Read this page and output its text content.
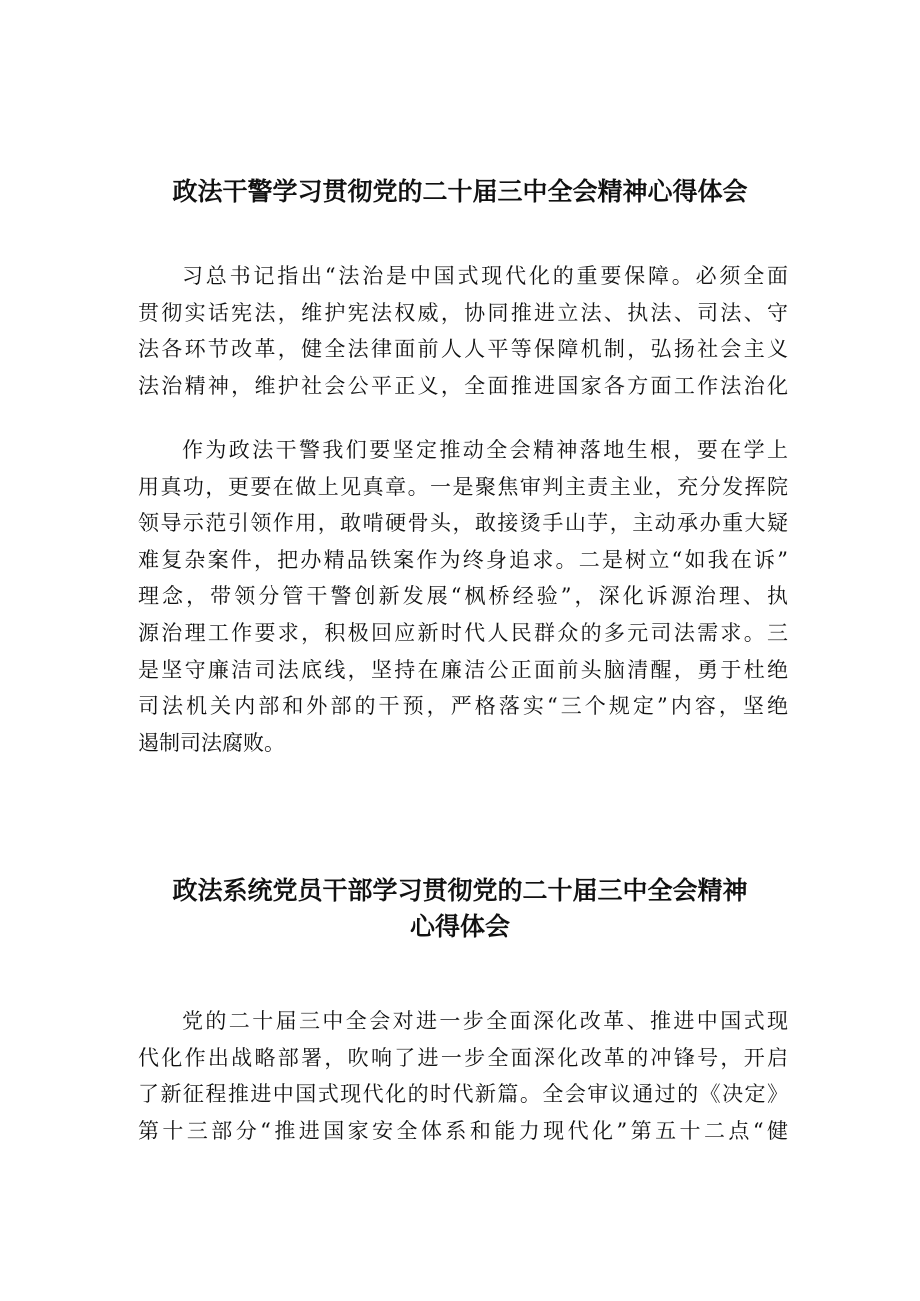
政法干警学习贯彻党的二十届三中全会精神心得体会
习总书记指出“法治是中国式现代化的重要保障。必须全面
贯彻实话宪法，维护宪法权威，协同推进立法、执法、司法、守
法各环节改革，健全法律面前人人平等保障机制，弘扬社会主义
法治精神，维护社会公平正义，全面推进国家各方面工作法治化
作为政法干警我们要坚定推动全会精神落地生根，要在学上
用真功，更要在做上见真章。一是聚焦审判主责主业，充分发挥院
领导示范引领作用，敢啃硬骨头，敢接烫手山芋，主动承办重大疑
难复杂案件，把办精品铁案作为终身追求。二是树立“如我在诉”
理念，带领分管干警创新发展“枫桥经验”，深化诉源治理、执
源治理工作要求，积极回应新时代人民群众的多元司法需求。三
是坚守廉洁司法底线，坚持在廉洁公正面前头脑清醒，勇于杜绝
司法机关内部和外部的干预，严格落实“三个规定”内容，坚绝
遏制司法腐败。
政法系统党员干部学习贯彻党的二十届三中全会精神
心得体会
党的二十届三中全会对进一步全面深化改革、推进中国式现
代化作出战略部署，吹响了进一步全面深化改革的冲锋号，开启
了新征程推进中国式现代化的时代新篇。全会审议通过的《决定》
第十三部分“推进国家安全体系和能力现代化”第五十二点“健
